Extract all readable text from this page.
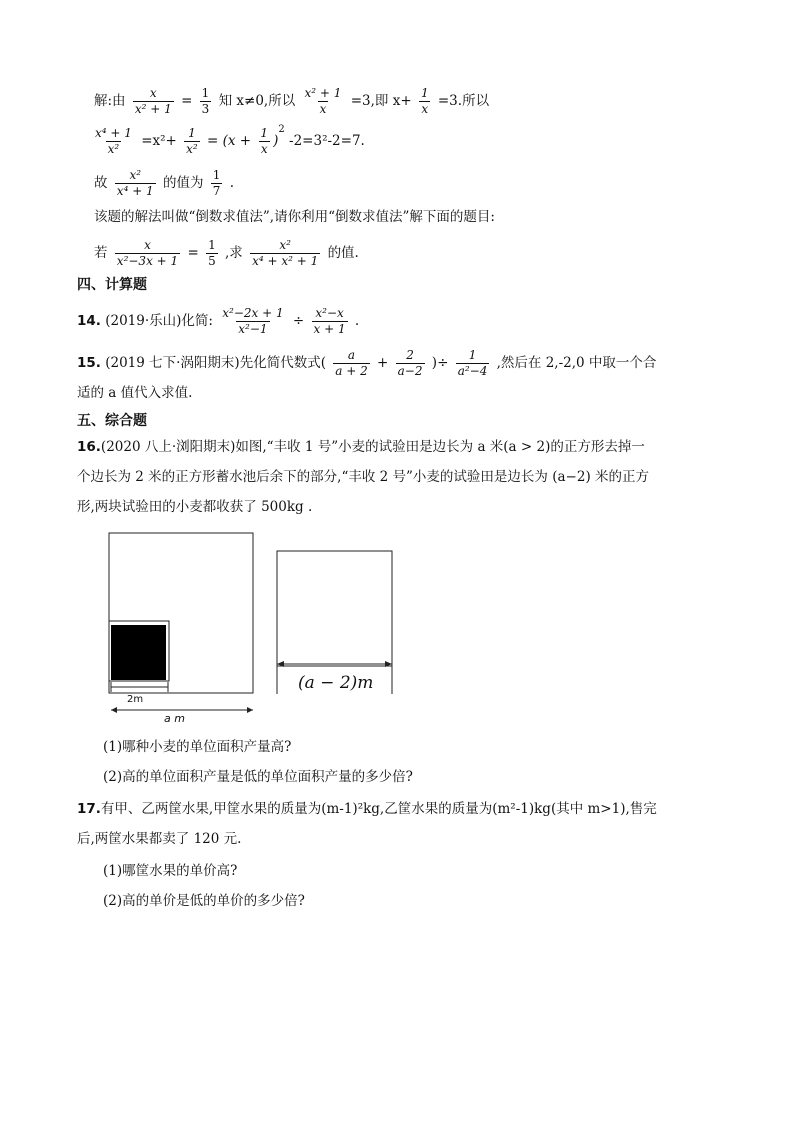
解:由 $\frac{x}{\text{x² + 1}} = \frac{1}{3}$ 知 x≠0,所以 $\frac{\text{x² + 1}}{x} =3$,即 $x+ \frac{1}{x} =3$.所以
$\frac{\text{x⁴ + 1}}{\text{x²}} =x^2+ \frac{1}{\text{x²}} = (x + \frac{1}{x} )^2$ -2=3²-2=7.
故 $\frac{\text{x²}}{\text{x⁴ + 1}}$ 的值为 $\frac{1}{7}$ .
该题的解法叫做“倒数求值法”,请你利用“倒数求值法”解下面的题目:
若 $\frac{x}{\text{x²−3x + 1}} = \frac{1}{5}$ ,求 $\frac{\text{x²}}{\text{x⁴ + x² + 1}}$ 的值.
四、计算题
14. (2019·乐山)化简: $\frac{\text{x²−2x + 1}}{\text{x²−1}} \div \frac{\text{x²−x}}{x + 1}$ .
15. (2019 七下·涡阳期末)先化简代数式( $\frac{a}{a + 2} + \frac{2}{a-2}$ )÷ $\frac{1}{\text{a²−4}}$ ,然后在 2,-2,0 中取一个合
适的 a 值代入求值.
五、综合题
16.(2020 八上·浏阳期末)如图,“丰收 1 号”小麦的试验田是边长为 a 米(a > 2)的正方形去掉一
个边长为 2 米的正方形蓄水池后余下的部分,“丰收 2 号”小麦的试验田是边长为 (a−2) 米的正方
形,两块试验田的小麦都收获了 500kg .
2m
a m
(a − 2)m
(1)哪种小麦的单位面积产量高?
(2)高的单位面积产量是低的单位面积产量的多少倍?
17.有甲、乙两筐水果,甲筐水果的质量为(m-1)²kg,乙筐水果的质量为(m²-1)kg(其中 m>1),售完
后,两筐水果都卖了 120 元.
(1)哪筐水果的单价高?
(2)高的单价是低的单价的多少倍?
